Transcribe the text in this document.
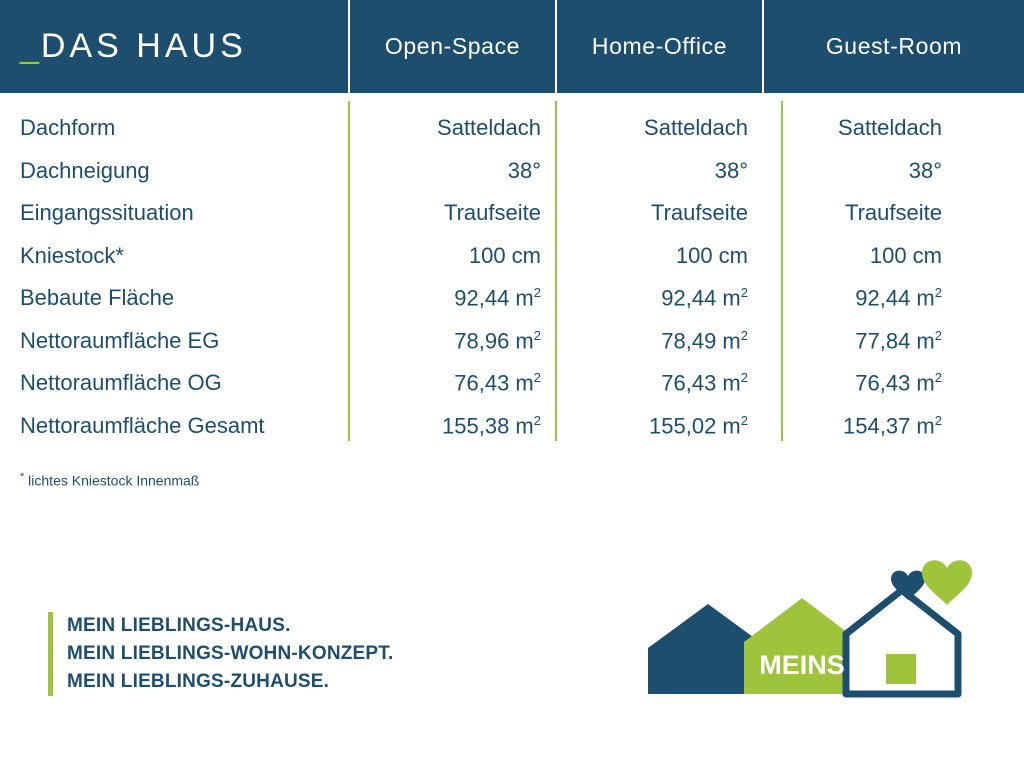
_DAS HAUS	Open-Space	Home-Office	Guest-Room
Dachform	Satteldach	Satteldach	Satteldach
Dachneigung	38°	38°	38°
Eingangssituation	Traufseite	Traufseite	Traufseite
Kniestock*	100 cm	100 cm	100 cm
Bebaute Fläche	92,44 $m^2$	92,44 $m^2$	92,44 $m^2$
Nettoraumfläche EG	78,96 $m^2$	78,49 $m^2$	77,84 $m^2$
Nettoraumfläche OG	76,43 $m^2$	76,43 $m^2$	76,43 $m^2$
Nettoraumfläche Gesamt	155,38 $m^2$	155,02 $m^2$	154,37 $m^2$
* lichtes Kniestock Innenmaß
MEIN LIEBLINGS-HAUS.
MEIN LIEBLINGS-WOHN-KONZEPT.
MEIN LIEBLINGS-ZUHAUSE.
MEINS
